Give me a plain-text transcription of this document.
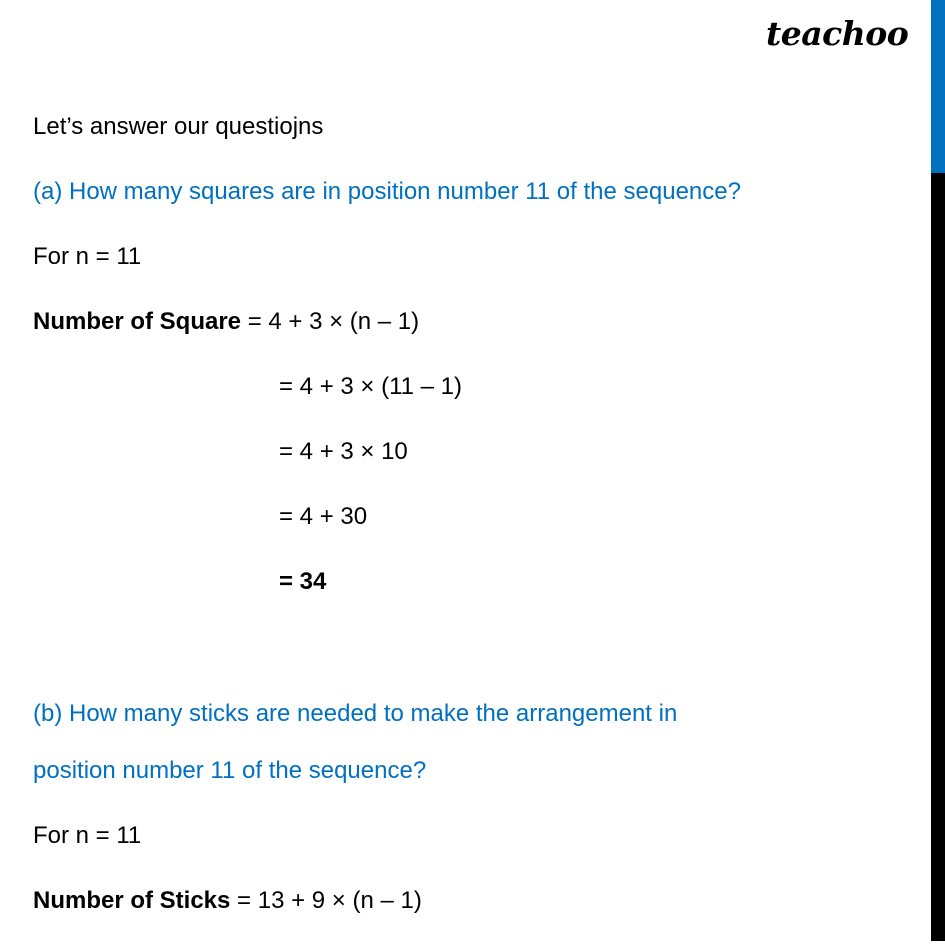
teachoo
Let’s answer our questiojns
(a) How many squares are in position number 11 of the sequence?
For n = 11
Number of Square = 4 + 3 × (n – 1)
= 4 + 3 × (11 – 1)
= 4 + 3 × 10
= 4 + 30
= 34
(b) How many sticks are needed to make the arrangement in
position number 11 of the sequence?
For n = 11
Number of Sticks = 13 + 9 × (n – 1)
